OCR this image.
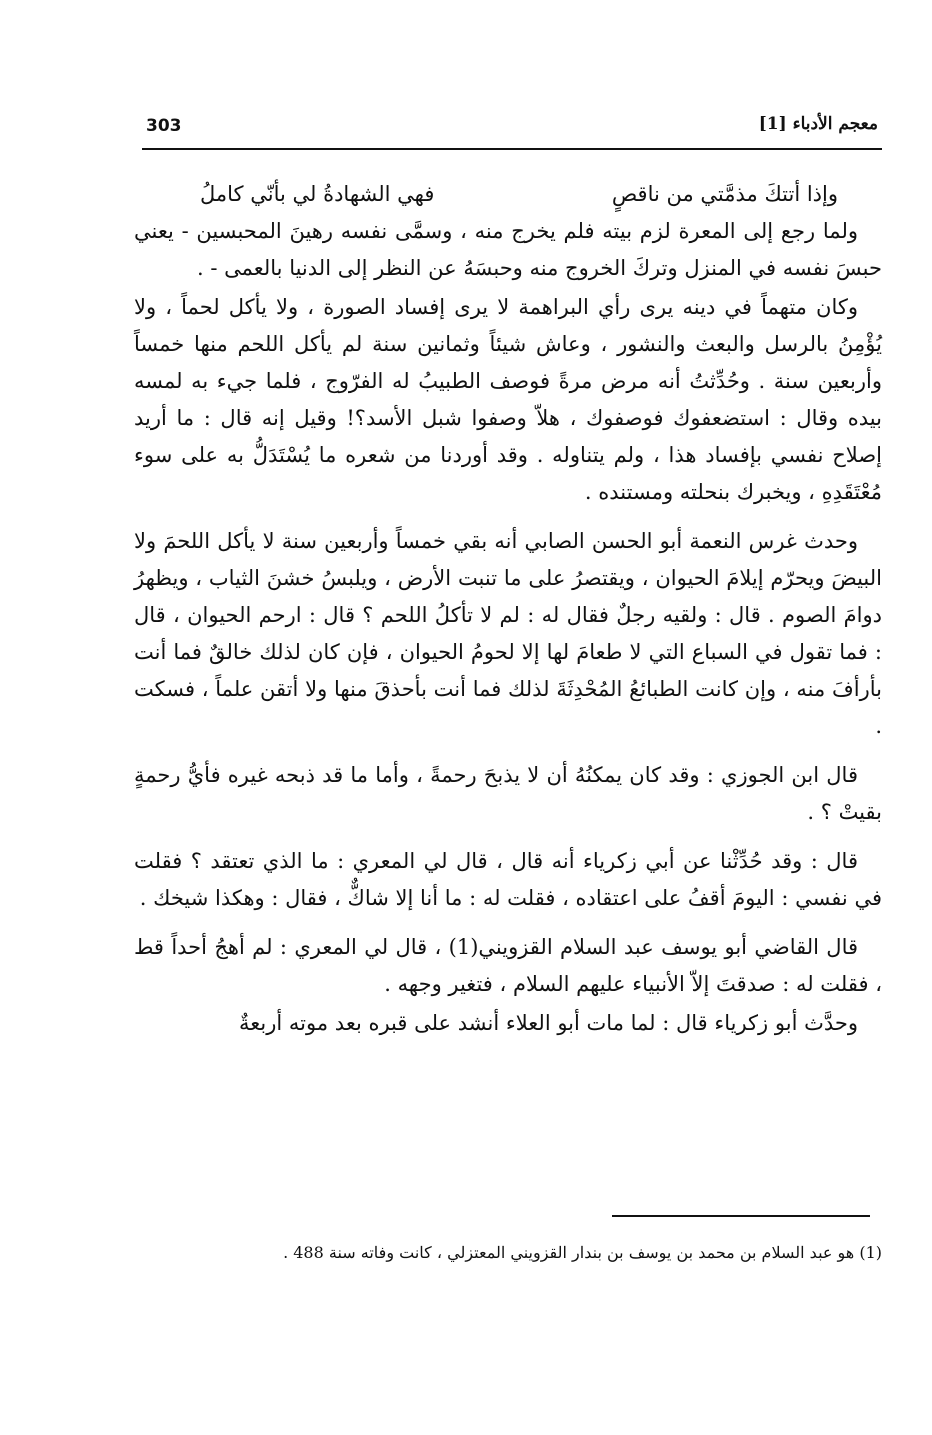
303	معجم الأدباء [1]
وإذا أتتكَ مذمَّتي من ناقصٍ
فهي الشهادةُ لي بأنّي كاملُ

ولما رجع إلى المعرة لزم بيته فلم يخرج منه ، وسمَّى نفسه رهينَ المحبسين - يعني حبسَ نفسه في المنزل وتركَ الخروج منه وحبسَهُ عن النظر إلى الدنيا بالعمى - .

وكان متهماً في دينه يرى رأي البراهمة لا يرى إفساد الصورة ، ولا يأكل لحماً ، ولا يُؤْمِنُ بالرسل والبعث والنشور ، وعاش شيئاً وثمانين سنة لم يأكل اللحم منها خمساً وأربعين سنة . وحُدِّثتُ أنه مرض مرةً فوصف الطبيبُ له الفرّوج ، فلما جيء به لمسه بيده وقال : استضعفوك فوصفوك ، هلاّ وصفوا شبل الأسد؟! وقيل إنه قال : ما أريد إصلاح نفسي بإفساد هذا ، ولم يتناوله . وقد أوردنا من شعره ما يُسْتَدَلُّ به على سوء مُعْتَقَدِهِ ، ويخبرك بنحلته ومستنده .

وحدث غرس النعمة أبو الحسن الصابي أنه بقي خمساً وأربعين سنة لا يأكل اللحمَ ولا البيضَ ويحرّم إيلامَ الحيوان ، ويقتصرُ على ما تنبت الأرض ، ويلبسُ خشنَ الثياب ، ويظهرُ دوامَ الصوم . قال : ولقيه رجلٌ فقال له : لم لا تأكلُ اللحم ؟ قال : ارحم الحيوان ، قال : فما تقول في السباع التي لا طعامَ لها إلا لحومُ الحيوان ، فإن كان لذلك خالقٌ فما أنت بأرأفَ منه ، وإن كانت الطبائعُ المُحْدِثَةَ لذلك فما أنت بأحذقَ منها ولا أتقن علماً ، فسكت .

قال ابن الجوزي : وقد كان يمكنُهُ أن لا يذبحَ رحمةً ، وأما ما قد ذبحه غيره فأيُّ رحمةٍ بقيتْ ؟ .

قال : وقد حُدِّثْنا عن أبي زكرياء أنه قال ، قال لي المعري : ما الذي تعتقد ؟ فقلت في نفسي : اليومَ أقفُ على اعتقاده ، فقلت له : ما أنا إلا شاكٌّ ، فقال : وهكذا شيخك .

قال القاضي أبو يوسف عبد السلام القزويني(1) ، قال لي المعري : لم أهجُ أحداً قط ، فقلت له : صدقتَ إلاّ الأنبياء عليهم السلام ، فتغير وجهه .

وحدَّث أبو زكرياء قال : لما مات أبو العلاء أنشد على قبره بعد موته أربعةٌ

(1) هو عبد السلام بن محمد بن يوسف بن بندار القزويني المعتزلي ، كانت وفاته سنة 488 .
